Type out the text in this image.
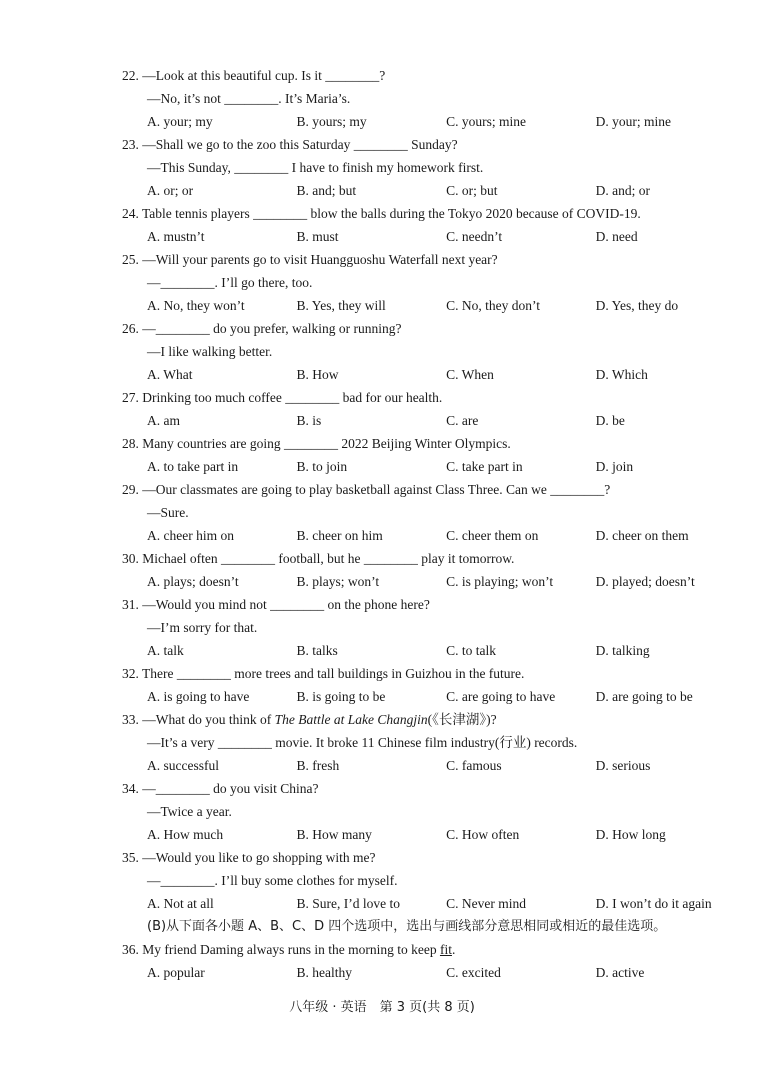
22. —Look at this beautiful cup. Is it ________?
—No, it’s not ________. It’s Maria’s.
A. your; my	B. yours; my	C. yours; mine	D. your; mine
23. —Shall we go to the zoo this Saturday ________ Sunday?
—This Sunday, ________ I have to finish my homework first.
A. or; or	B. and; but	C. or; but	D. and; or
24. Table tennis players ________ blow the balls during the Tokyo 2020 because of COVID-19.
A. mustn’t	B. must	C. needn’t	D. need
25. —Will your parents go to visit Huangguoshu Waterfall next year?
—________. I’ll go there, too.
A. No, they won’t	B. Yes, they will	C. No, they don’t	D. Yes, they do
26. —________ do you prefer, walking or running?
—I like walking better.
A. What	B. How	C. When	D. Which
27. Drinking too much coffee ________ bad for our health.
A. am	B. is	C. are	D. be
28. Many countries are going ________ 2022 Beijing Winter Olympics.
A. to take part in	B. to join	C. take part in	D. join
29. —Our classmates are going to play basketball against Class Three. Can we ________?
—Sure.
A. cheer him on	B. cheer on him	C. cheer them on	D. cheer on them
30. Michael often ________ football, but he ________ play it tomorrow.
A. plays; doesn’t	B. plays; won’t	C. is playing; won’t	D. played; doesn’t
31. —Would you mind not ________ on the phone here?
—I’m sorry for that.
A. talk	B. talks	C. to talk	D. talking
32. There ________ more trees and tall buildings in Guizhou in the future.
A. is going to have	B. is going to be	C. are going to have	D. are going to be
33. —What do you think of The Battle at Lake Changjin(《长津湖》)?
—It’s a very ________ movie. It broke 11 Chinese film industry(行业) records.
A. successful	B. fresh	C. famous	D. serious
34. —________ do you visit China?
—Twice a year.
A. How much	B. How many	C. How often	D. How long
35. —Would you like to go shopping with me?
—________. I’ll buy some clothes for myself.
A. Not at all	B. Sure, I’d love to	C. Never mind	D. I won’t do it again
(B)从下面各小题 A、B、C、D 四个选项中，选出与画线部分意思相同或相近的最佳选项。
36. My friend Daming always runs in the morning to keep fit.
A. popular	B. healthy	C. excited	D. active
八年级 · 英语　第 3 页(共 8 页)
